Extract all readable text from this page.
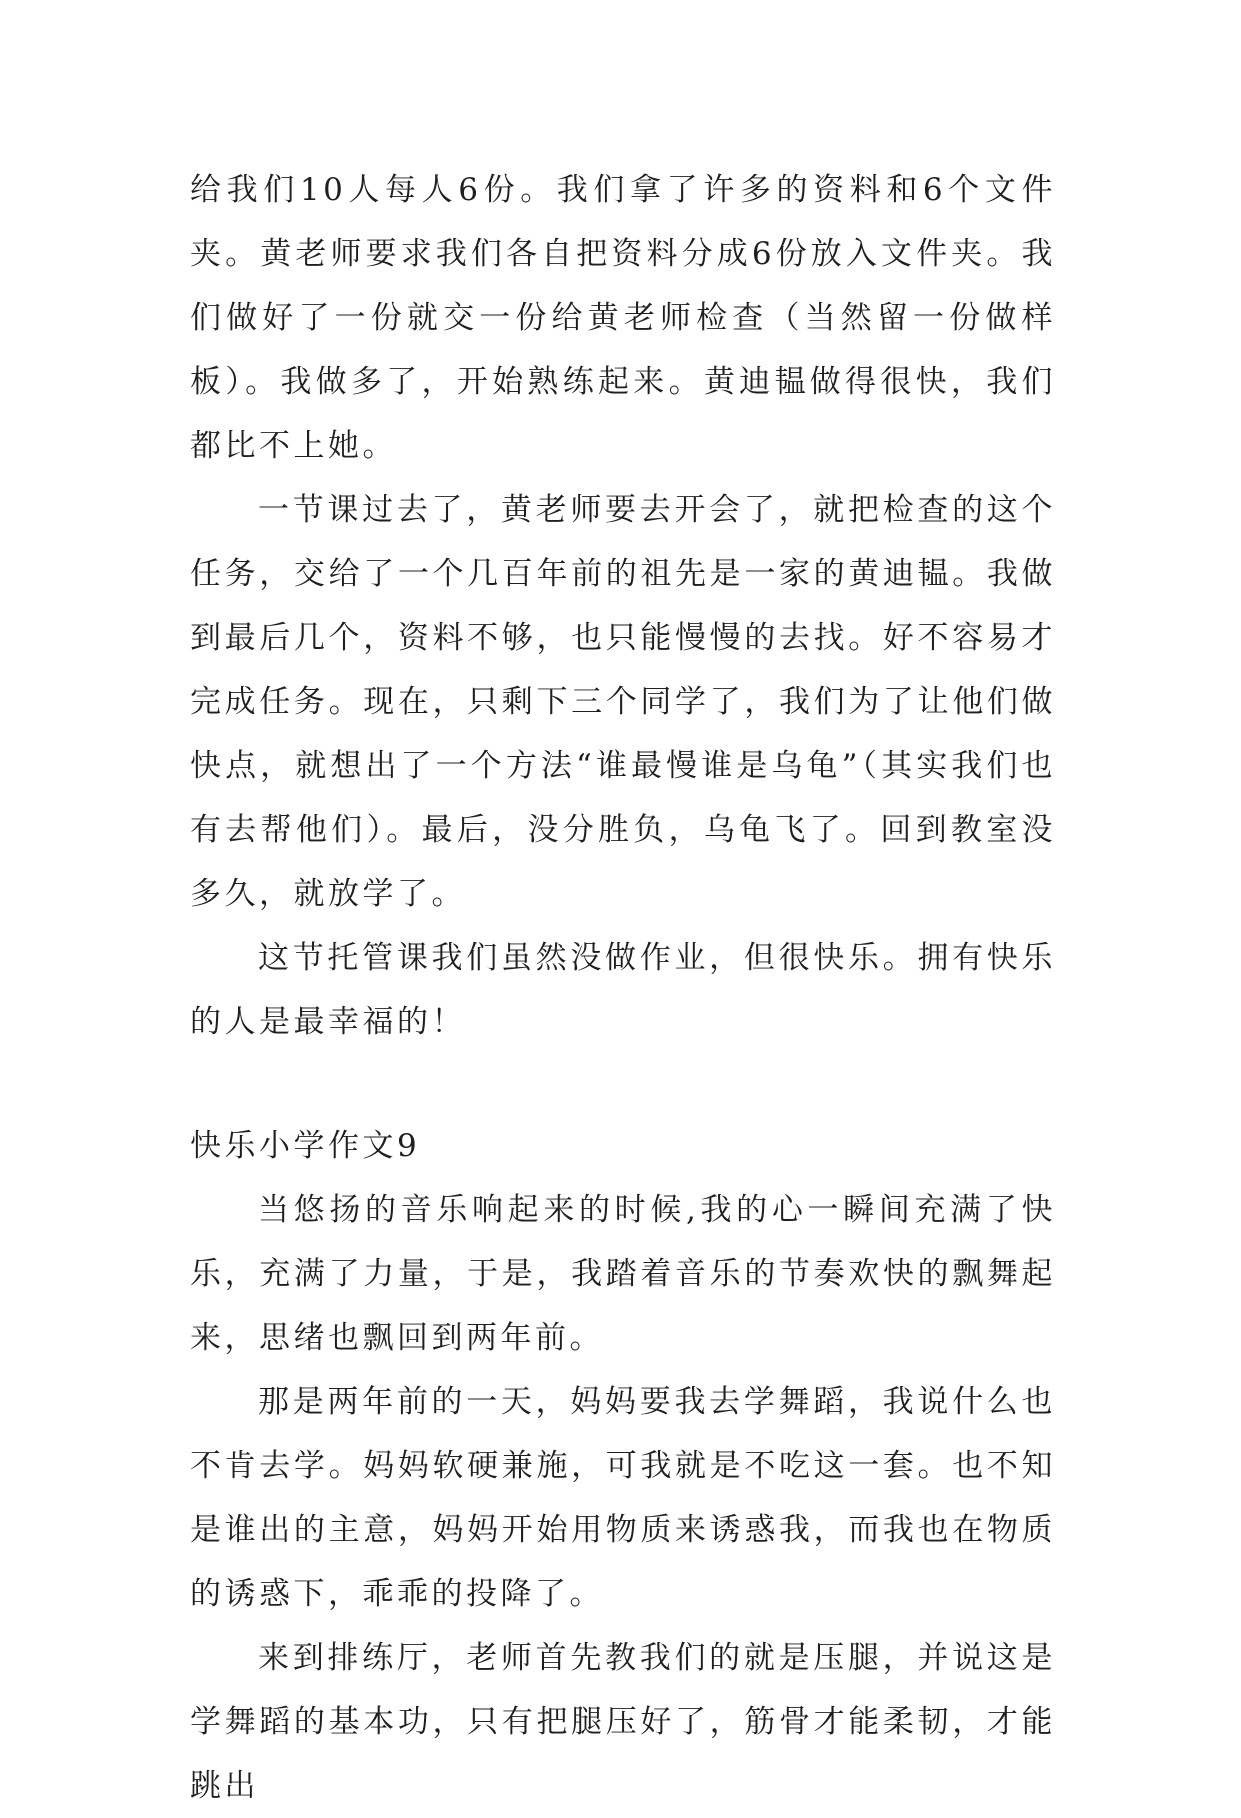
给我们10人每人6份。我们拿了许多的资料和6个文件夹。黄老师要求我们各自把资料分成6份放入文件夹。我们做好了一份就交一份给黄老师检查（当然留一份做样板）。我做多了，开始熟练起来。黄迪韫做得很快，我们都比不上她。

一节课过去了，黄老师要去开会了，就把检查的这个任务，交给了一个几百年前的祖先是一家的黄迪韫。我做到最后几个，资料不够，也只能慢慢的去找。好不容易才完成任务。现在，只剩下三个同学了，我们为了让他们做快点，就想出了一个方法“谁最慢谁是乌龟”（其实我们也有去帮他们）。最后，没分胜负，乌龟飞了。回到教室没多久，就放学了。

这节托管课我们虽然没做作业，但很快乐。拥有快乐的人是最幸福的！

快乐小学作文9

当悠扬的音乐响起来的时候,我的心一瞬间充满了快乐，充满了力量，于是，我踏着音乐的节奏欢快的飘舞起来，思绪也飘回到两年前。

那是两年前的一天，妈妈要我去学舞蹈，我说什么也不肯去学。妈妈软硬兼施，可我就是不吃这一套。也不知是谁出的主意，妈妈开始用物质来诱惑我，而我也在物质的诱惑下，乖乖的投降了。

来到排练厅，老师首先教我们的就是压腿，并说这是学舞蹈的基本功，只有把腿压好了，筋骨才能柔韧，才能跳出
